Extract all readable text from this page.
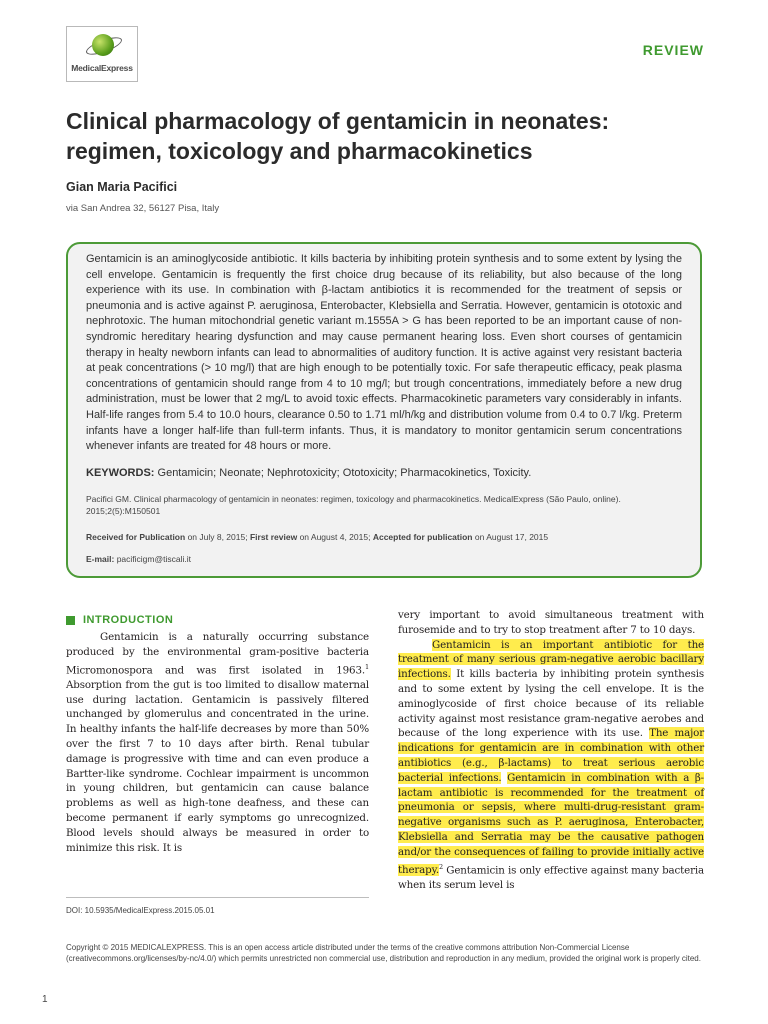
MedicalExpress
REVIEW
Clinical pharmacology of gentamicin in neonates: regimen, toxicology and pharmacokinetics
Gian Maria Pacifici
via San Andrea 32, 56127 Pisa, Italy

Gentamicin is an aminoglycoside antibiotic. It kills bacteria by inhibiting protein synthesis and to some extent by lysing the cell envelope. Gentamicin is frequently the first choice drug because of its reliability, but also because of the long experience with its use. In combination with β-lactam antibiotics it is recommended for the treatment of sepsis or pneumonia and is active against P. aeruginosa, Enterobacter, Klebsiella and Serratia. However, gentamicin is ototoxic and nephrotoxic. The human mitochondrial genetic variant m.1555A > G has been reported to be an important cause of non-syndromic hereditary hearing dysfunction and may cause permanent hearing loss. Even short courses of gentamicin therapy in healty newborn infants can lead to abnormalities of auditory function. It is active against very resistant bacteria at peak concentrations (> 10 mg/l) that are high enough to be potentially toxic. For safe therapeutic efficacy, peak plasma concentrations of gentamicin should range from 4 to 10 mg/l; but trough concentrations, immediately before a new drug administration, must be lower that 2 mg/L to avoid toxic effects. Pharmacokinetic parameters vary considerably in infants. Half-life ranges from 5.4 to 10.0 hours, clearance 0.50 to 1.71 ml/h/kg and distribution volume from 0.4 to 0.7 l/kg. Preterm infants have a longer half-life than full-term infants. Thus, it is mandatory to monitor gentamicin serum concentrations whenever infants are treated for 48 hours or more.

KEYWORDS: Gentamicin; Neonate; Nephrotoxicity; Ototoxicity; Pharmacokinetics, Toxicity.

Pacifici GM. Clinical pharmacology of gentamicin in neonates: regimen, toxicology and pharmacokinetics. MedicalExpress (São Paulo, online). 2015;2(5):M150501

Received for Publication on July 8, 2015; First review on August 4, 2015; Accepted for publication on August 17, 2015

E-mail: pacificigm@tiscali.it

INTRODUCTION

Gentamicin is a naturally occurring substance produced by the environmental gram-positive bacteria Micromonospora and was first isolated in 1963.$^1$ Absorption from the gut is too limited to disallow maternal use during lactation. Gentamicin is passively filtered unchanged by glomerulus and concentrated in the urine. In healthy infants the half-life decreases by more than 50% over the first 7 to 10 days after birth. Renal tubular damage is progressive with time and can even produce a Bartter-like syndrome. Cochlear impairment is uncommon in young children, but gentamicin can cause balance problems as well as high-tone deafness, and these can become permanent if early symptoms go unrecognized. Blood levels should always be measured in order to minimize this risk. It is

very important to avoid simultaneous treatment with furosemide and to try to stop treatment after 7 to 10 days.

Gentamicin is an important antibiotic for the treatment of many serious gram-negative aerobic bacillary infections. It kills bacteria by inhibiting protein synthesis and to some extent by lysing the cell envelope. It is the aminoglycoside of first choice because of its reliable activity against most resistance gram-negative aerobes and because of the long experience with its use. The major indications for gentamicin are in combination with other antibiotics (e.g., β-lactams) to treat serious aerobic bacterial infections. Gentamicin in combination with a β-lactam antibiotic is recommended for the treatment of pneumonia or sepsis, where multi-drug-resistant gram-negative organisms such as P. aeruginosa, Enterobacter, Klebsiella and Serratia may be the causative pathogen and/or the consequences of failing to provide initially active therapy.$^2$ Gentamicin is only effective against many bacteria when its serum level is

DOI: 10.5935/MedicalExpress.2015.05.01
Copyright © 2015 MEDICALEXPRESS. This is an open access article distributed under the terms of the creative commons attribution Non-Commercial License (creativecommons.org/licenses/by-nc/4.0/) which permits unrestricted non commercial use, distribution and reproduction in any medium, provided the original work is properly cited.
1
